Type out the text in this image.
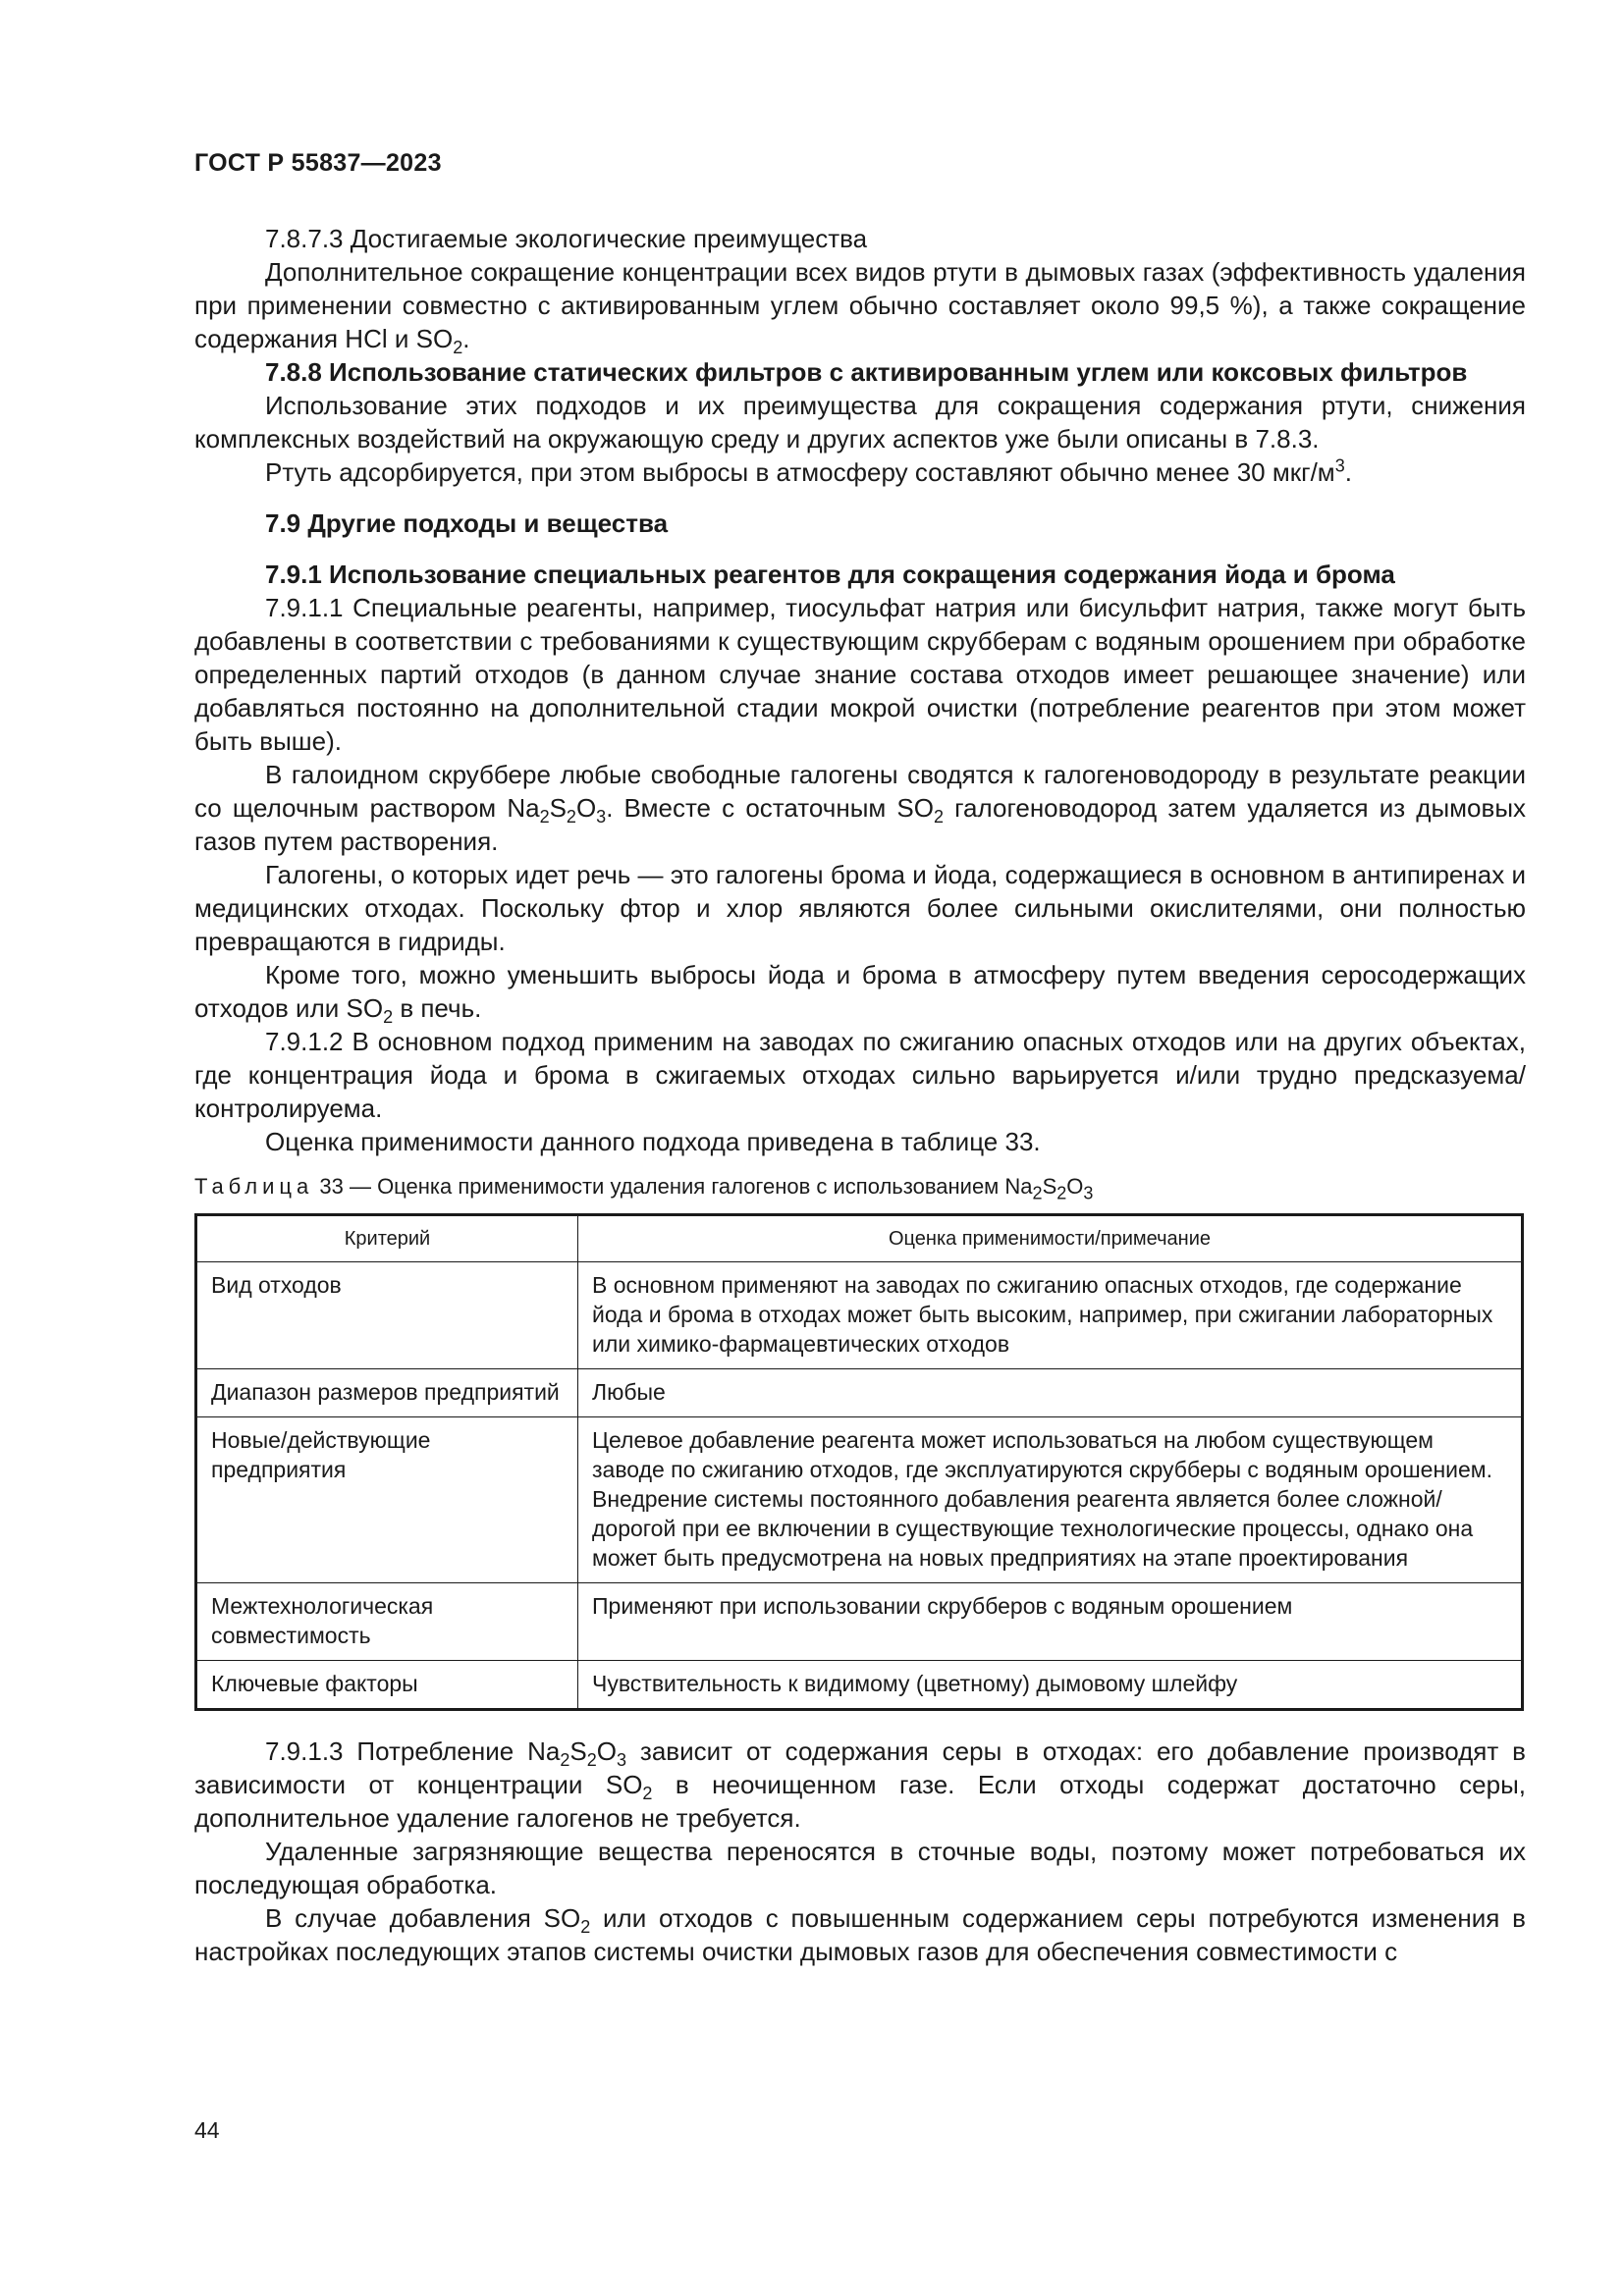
ГОСТ Р 55837—2023

7.8.7.3 Достигаемые экологические преимущества

Дополнительное сокращение концентрации всех видов ртути в дымовых газах (эффективность удаления при применении совместно с активированным углем обычно составляет около 99,5 %), а также сокращение содержания HCl и $SO_2$.

7.8.8 Использование статических фильтров с активированным углем или коксовых фильтров

Использование этих подходов и их преимущества для сокращения содержания ртути, снижения комплексных воздействий на окружающую среду и других аспектов уже были описаны в 7.8.3.

Ртуть адсорбируется, при этом выбросы в атмосферу составляют обычно менее 30 мкг/$м^3$.

7.9 Другие подходы и вещества

7.9.1 Использование специальных реагентов для сокращения содержания йода и брома

7.9.1.1 Специальные реагенты, например, тиосульфат натрия или бисульфит натрия, также могут быть добавлены в соответствии с требованиями к существующим скрубберам с водяным орошением при обработке определенных партий отходов (в данном случае знание состава отходов имеет решающее значение) или добавляться постоянно на дополнительной стадии мокрой очистки (потребление реагентов при этом может быть выше).

В галоидном скруббере любые свободные галогены сводятся к галогеноводороду в результате реакции со щелочным раствором $Na_2S_2O_3$. Вместе с остаточным $SO_2$ галогеноводород затем удаляется из дымовых газов путем растворения.

Галогены, о которых идет речь — это галогены брома и йода, содержащиеся в основном в антипиренах и медицинских отходах. Поскольку фтор и хлор являются более сильными окислителями, они полностью превращаются в гидриды.

Кроме того, можно уменьшить выбросы йода и брома в атмосферу путем введения серосодержащих отходов или $SO_2$ в печь.

7.9.1.2 В основном подход применим на заводах по сжиганию опасных отходов или на других объектах, где концентрация йода и брома в сжигаемых отходах сильно варьируется и/или трудно предсказуема/контролируема.

Оценка применимости данного подхода приведена в таблице 33.

Таблица 33 — Оценка применимости удаления галогенов с использованием $Na_2S_2O_3$
Критерий	Оценка применимости/примечание
Вид отходов	В основном применяют на заводах по сжиганию опасных отходов, где содержание йода и брома в отходах может быть высоким, например, при сжигании лабораторных или химико-фармацевтических отходов
Диапазон размеров предприятий	Любые
Новые/действующие предприятия	Целевое добавление реагента может использоваться на любом существующем заводе по сжиганию отходов, где эксплуатируются скрубберы с водяным орошением. Внедрение системы постоянного добавления реагента является более сложной/дорогой при ее включении в существующие технологические процессы, однако она может быть предусмотрена на новых предприятиях на этапе проектирования
Межтехнологическая совместимость	Применяют при использовании скрубберов с водяным орошением
Ключевые факторы	Чувствительность к видимому (цветному) дымовому шлейфу

7.9.1.3 Потребление $Na_2S_2O_3$ зависит от содержания серы в отходах: его добавление производят в зависимости от концентрации $SO_2$ в неочищенном газе. Если отходы содержат достаточно серы, дополнительное удаление галогенов не требуется.

Удаленные загрязняющие вещества переносятся в сточные воды, поэтому может потребоваться их последующая обработка.

В случае добавления $SO_2$ или отходов с повышенным содержанием серы потребуются изменения в настройках последующих этапов системы очистки дымовых газов для обеспечения совместимости с

44
